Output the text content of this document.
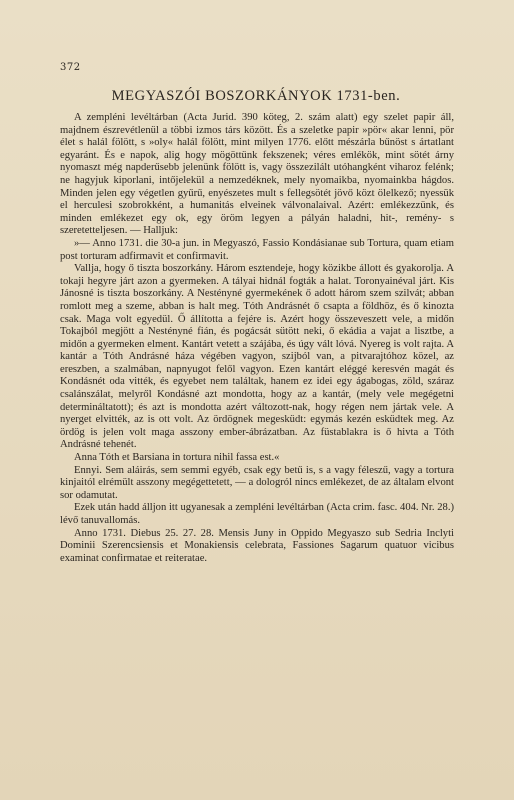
372
MEGYASZÓI BOSZORKÁNYOK 1731-ben.

A zempléni levéltárban (Acta Jurid. 390 köteg, 2. szám alatt) egy szelet papir áll, majdnem észrevétlenül a többi izmos társ között. És a szeletke papir »pör« akar lenni, pör élet s halál fölött, s »oly« halál fölött, mint milyen 1776. előtt mészárla bűnöst s ártatlant egyaránt. És e napok, alig hogy mögöttünk fekszenek; véres emlékök, mint sötét árny nyomaszt még napderűsebb jelenünk fölött is, vagy összezilált utóhangként viharoz felénk; ne hagyjuk kiporlani, intőjelekül a nemzedéknek, mely nyomaikba, nyomainkba hágdos. Minden jelen egy végetlen gyűrű, enyészetes mult s fellegsötét jövő közt ölelkező; nyessük el herculesi szobrokként, a humanitás elveinek válvonalaival. Azért: emlékezzünk, és minden emlékezet egy ok, egy öröm legyen a pályán haladni, hit-, remény- s szeretetteljesen. — Halljuk:

»— Anno 1731. die 30-a jun. in Megyaszó, Fassio Kondásianae sub Tortura, quam etiam post torturam adfirmavit et confirmavit.

Vallja, hogy ő tiszta boszorkány. Három esztendeje, hogy közikbe állott és gyakorolja. A tokaji hegyre járt azon a gyermeken. A tályai hidnál fogták a halat. Toronyainéval járt. Kis Jánosné is tiszta boszorkány. A Nestényné gyermekének ő adott három szem szilvát; abban romlott meg a szeme, abban is halt meg. Tóth Andrásnét ő csapta a földhöz, és ő kinozta csak. Maga volt egyedül. Ő állította a fejére is. Azért hogy összeveszett vele, a midőn Tokajból megjött a Nestényné fián, és pogácsát sütött neki, ő ekádia a vajat a lisztbe, a midőn a gyermeken elment. Kantárt vetett a szájába, és úgy vált lóvá. Nyereg is volt rajta. A kantár a Tóth Andrásné háza végében vagyon, szijból van, a pitvarajtóhoz közel, az ereszben, a szalmában, napnyugot felől vagyon. Ezen kantárt eléggé keresvén magát és Kondásnét oda vitték, és egyebet nem találtak, hanem ez idei egy ágabogas, zöld, száraz csalánszálat, melyről Kondásné azt mondotta, hogy az a kantár, (mely vele megégetni determináltatott); és azt is mondotta azért változott-nak, hogy régen nem jártak vele. A nyerget elvitték, az is ott volt. Az ördögnek megesküdt: egymás kezén esküdtek meg. Az ördög is jelen volt maga asszony ember-ábrázatban. Az füstablakra is ő hivta a Tóth Andrásné tehenét.

Anna Tóth et Barsiana in tortura nihil fassa est.«

Ennyi. Sem aláirás, sem semmi egyéb, csak egy betű is, s a vagy féleszű, vagy a tortura kinjaitól elrémült asszony megégettetett, — a dologról nincs emlékezet, de az általam elvont sor odamutat.

Ezek után hadd álljon itt ugyanesak a zempléni levéltárban (Acta crim. fasc. 404. Nr. 28.) lévő tanuvallomás.

Anno 1731. Diebus 25. 27. 28. Mensis Juny in Oppido Megyaszo sub Sedria Inclyti Dominii Szerencsiensis et Monakiensis celebrata, Fassiones Sagarum quatuor vicibus examinat confirmatae et reiteratae.
